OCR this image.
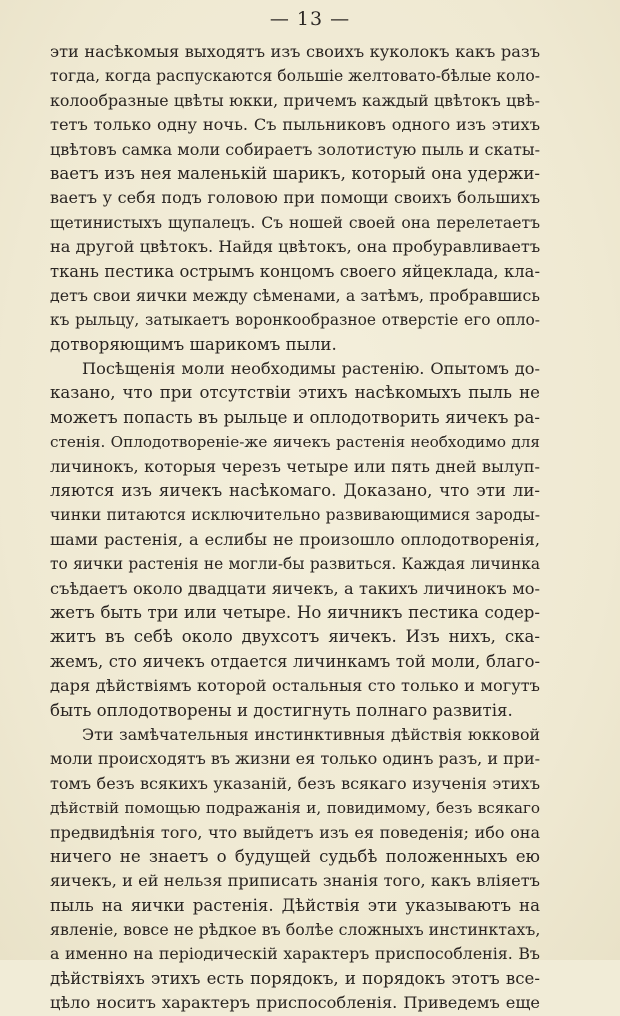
— 13 —
эти насѣкомыя выходятъ изъ своихъ куколокъ какъ разъ
тогда, когда распускаются большiе желтовато-бѣлые коло-
колообразные цвѣты юкки, причемъ каждый цвѣтокъ цвѣ-
тетъ только одну ночь. Съ пыльниковъ одного изъ этихъ
цвѣтовъ самка моли собираетъ золотистую пыль и скаты-
ваетъ изъ нея маленькiй шарикъ, который она удержи-
ваетъ у себя подъ головою при помощи своихъ большихъ
щетинистыхъ щупалецъ. Съ ношей своей она перелетаетъ
на другой цвѣтокъ. Найдя цвѣтокъ, она пробуравливаетъ
ткань пестика острымъ концомъ своего яйцеклада, кла-
детъ свои яички между сѣменами, а затѣмъ, пробравшись
къ рыльцу, затыкаетъ воронкообразное отверстiе его опло-
дотворяющимъ шарикомъ пыли.
Посѣщенiя моли необходимы растенiю. Опытомъ до-
казано, что при отсутствiи этихъ насѣкомыхъ пыль не
можетъ попасть въ рыльце и оплодотворить яичекъ ра-
стенiя. Оплодотворенiе-же яичекъ растенiя необходимо для
личинокъ, которыя черезъ четыре или пять дней вылуп-
ляются изъ яичекъ насѣкомаго. Доказано, что эти ли-
чинки питаются исключительно развивающимися зароды-
шами растенiя, а еслибы не произошло оплодотворенiя,
то яички растенiя не могли-бы развиться. Каждая личинка
съѣдаетъ около двадцати яичекъ, а такихъ личинокъ мо-
жетъ быть три или четыре. Но яичникъ пестика содер-
житъ въ себѣ около двухсотъ яичекъ. Изъ нихъ, ска-
жемъ, сто яичекъ отдается личинкамъ той моли, благо-
даря дѣйствiямъ которой остальныя сто только и могутъ
быть оплодотворены и достигнуть полнаго развитiя.
Эти замѣчательныя инстинктивныя дѣйствiя юкковой
моли происходятъ въ жизни ея только одинъ разъ, и при-
томъ безъ всякихъ указанiй, безъ всякаго изученiя этихъ
дѣйствiй помощью подражанiя и, повидимому, безъ всякаго
предвидѣнiя того, что выйдетъ изъ ея поведенiя; ибо она
ничего не знаетъ о будущей судьбѣ положенныхъ ею
яичекъ, и ей нельзя приписать знанiя того, какъ влiяетъ
пыль на яички растенiя. Дѣйствiя эти указываютъ на
явленiе, вовсе не рѣдкое въ болѣе сложныхъ инстинктахъ,
а именно на перiодическiй характеръ приспособленiя. Въ
дѣйствiяхъ этихъ есть порядокъ, и порядокъ этотъ все-
цѣло носитъ характеръ приспособленiя. Приведемъ еще
